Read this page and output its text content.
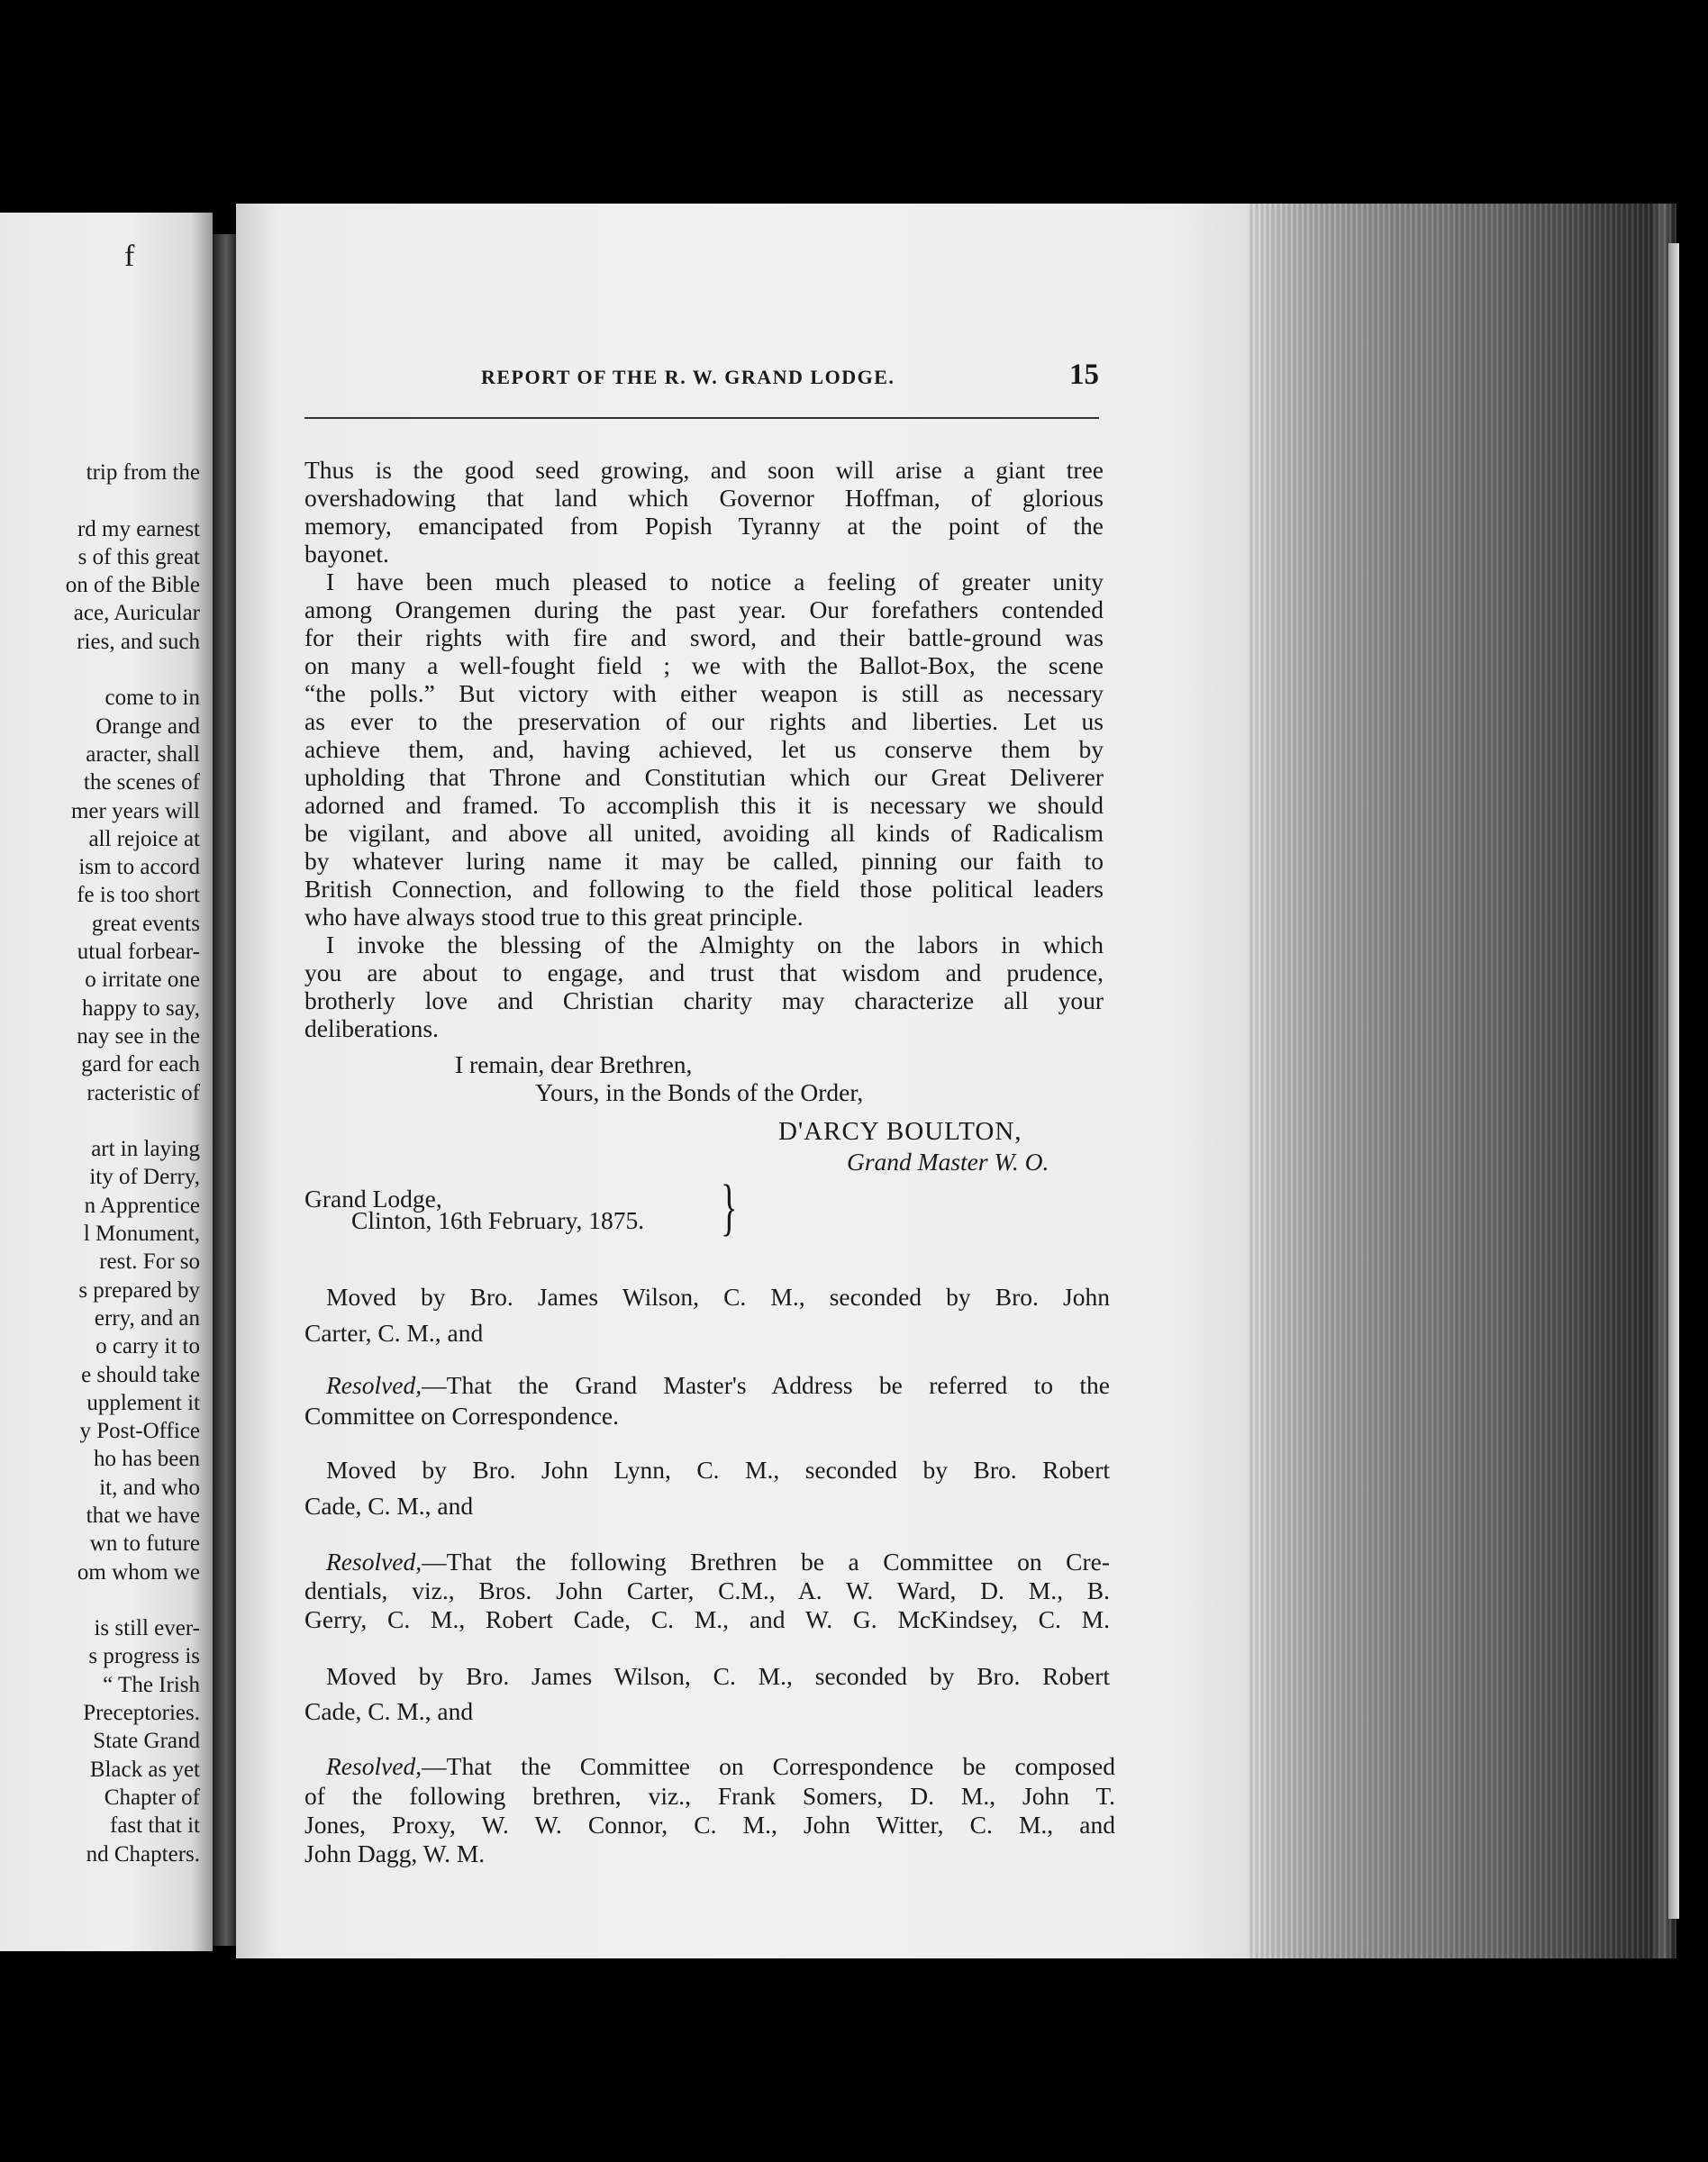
f
trip from the

rd my earnest
s of this great
on of the Bible
ace, Auricular
ries, and such

come to in
Orange and
aracter, shall
the scenes of
mer years will
all rejoice at
ism to accord
fe is too short
great events
utual forbear-
o irritate one
happy to say,
nay see in the
gard for each
racteristic of

art in laying
ity of Derry,
n Apprentice
l Monument,
rest. For so
s prepared by
erry, and an
o carry it to
e should take
upplement it
y Post-Office
ho has been
it, and who
that we have
wn to future
om whom we

is still ever-
s progress is
“ The Irish
Preceptories.
State Grand
Black as yet
Chapter of
fast that it
nd Chapters.
REPORT OF THE R. W. GRAND LODGE.	15
Thus is the good seed growing, and soon will arise a giant tree
overshadowing that land which Governor Hoffman, of glorious
memory, emancipated from Popish Tyranny at the point of the
bayonet.
I have been much pleased to notice a feeling of greater unity
among Orangemen during the past year. Our forefathers contended
for their rights with fire and sword, and their battle-ground was
on many a well-fought field ; we with the Ballot-Box, the scene
“the polls.” But victory with either weapon is still as necessary
as ever to the preservation of our rights and liberties. Let us
achieve them, and, having achieved, let us conserve them by
upholding that Throne and Constitutian which our Great Deliverer
adorned and framed. To accomplish this it is necessary we should
be vigilant, and above all united, avoiding all kinds of Radicalism
by whatever luring name it may be called, pinning our faith to
British Connection, and following to the field those political leaders
who have always stood true to this great principle.
I invoke the blessing of the Almighty on the labors in which
you are about to engage, and trust that wisdom and prudence,
brotherly love and Christian charity may characterize all your
deliberations.
I remain, dear Brethren,
Yours, in the Bonds of the Order,
D'ARCY BOULTON,
Grand Master W. O.
Grand Lodge,
Clinton, 16th February, 1875. }
Moved by Bro. James Wilson, C. M., seconded by Bro. John
Carter, C. M., and
Resolved, —That the Grand Master's Address be referred to the
Committee on Correspondence.
Moved by Bro. John Lynn, C. M., seconded by Bro. Robert
Cade, C. M., and
Resolved, —That the following Brethren be a Committee on Cre-
dentials, viz., Bros. John Carter, C.M., A. W. Ward, D. M., B.
Gerry, C. M., Robert Cade, C. M., and W. G. McKindsey, C. M.
Moved by Bro. James Wilson, C. M., seconded by Bro. Robert
Cade, C. M., and
Resolved, —That the Committee on Correspondence be composed
of the following brethren, viz., Frank Somers, D. M., John T.
Jones, Proxy, W. W. Connor, C. M., John Witter, C. M., and
John Dagg, W. M.
